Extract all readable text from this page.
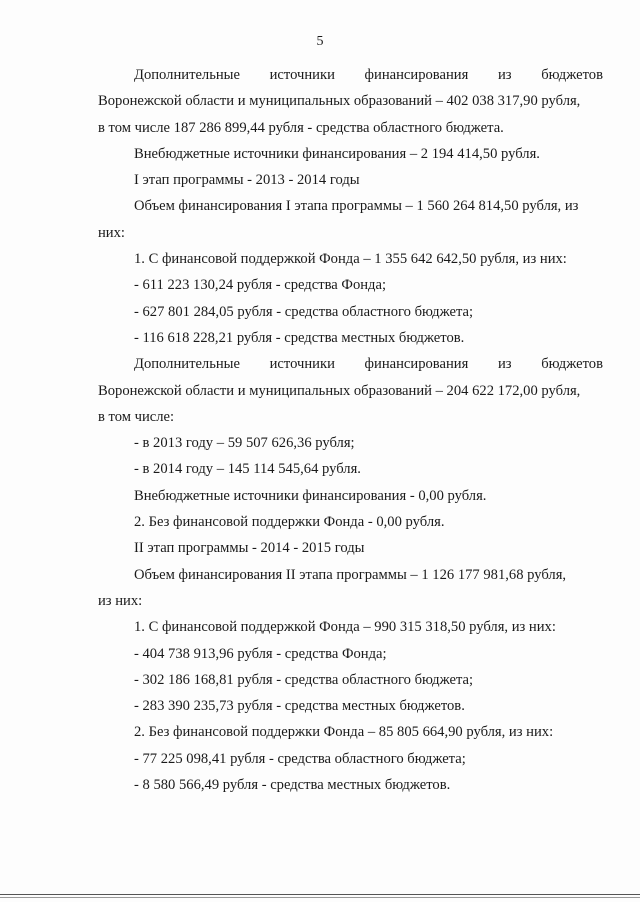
5
Дополнительные источники финансирования из бюджетов

Воронежской области и муниципальных образований – 402 038 317,90 рубля,

в том числе 187 286 899,44 рубля - средства областного бюджета.

Внебюджетные источники финансирования – 2 194 414,50 рубля.

I этап программы - 2013 - 2014 годы

Объем финансирования I этапа программы – 1 560 264 814,50 рубля, из

них:

1. С финансовой поддержкой Фонда – 1 355 642 642,50 рубля, из них:

- 611 223 130,24 рубля - средства Фонда;

- 627 801 284,05 рубля - средства областного бюджета;

- 116 618 228,21 рубля - средства местных бюджетов.

Дополнительные источники финансирования из бюджетов

Воронежской области и муниципальных образований – 204 622 172,00 рубля,

в том числе:

- в 2013 году – 59 507 626,36 рубля;

- в 2014 году – 145 114 545,64 рубля.

Внебюджетные источники финансирования - 0,00 рубля.

2. Без финансовой поддержки Фонда - 0,00 рубля.

II этап программы - 2014 - 2015 годы

Объем финансирования II этапа программы – 1 126 177 981,68 рубля,

из них:

1. С финансовой поддержкой Фонда – 990 315 318,50 рубля, из них:

- 404 738 913,96 рубля - средства Фонда;

- 302 186 168,81 рубля - средства областного бюджета;

- 283 390 235,73 рубля - средства местных бюджетов.

2. Без финансовой поддержки Фонда – 85 805 664,90 рубля, из них:

- 77 225 098,41 рубля - средства областного бюджета;

- 8 580 566,49 рубля - средства местных бюджетов.
